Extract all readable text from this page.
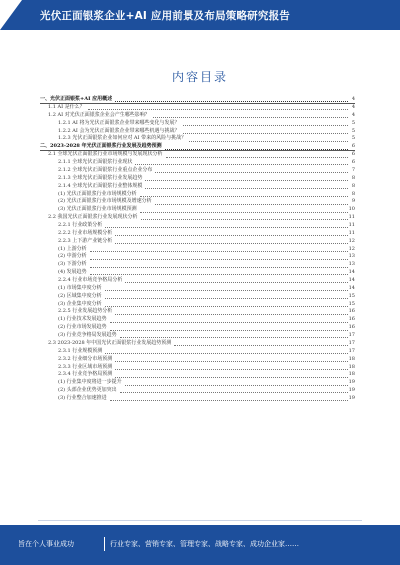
光伏正面银浆企业+AI 应用前景及布局策略研究报告
内容目录
一、光伏正面银浆+AI 应用概述	4
1.1 AI 是什么？	4
1.2 AI 对光伏正面银浆企业会产生哪些影响？	4
1.2.1 AI 将为光伏正面银浆企业带来哪些变化与发展？	5
1.2.2 AI 会为光伏正面银浆企业带来哪些机遇与挑战？	5
1.2.3 光伏正面银浆企业如何应对 AI 带来的风险与挑战？	5
二、2023-2028 年光伏正面银浆行业发展及趋势预测	6
2.1 全球光伏正面银浆行业市场规模与发展现状分析	6
2.1.1 全球光伏正面银浆行业现状	6
2.1.2 全球光伏正面银浆行业重点企业分布	7
2.1.3 全球光伏正面银浆行业发展趋势	8
2.1.4 全球光伏正面银浆行业整体规模	8
(1) 光伏正面银浆行业市场规模分析	8
(2) 光伏正面银浆行业市场规模及增速分析	9
(3) 光伏正面银浆行业市场规模预测	10
2.2 我国光伏正面银浆行业发展现状分析	11
2.2.1 行业政策分析	11
2.2.2 行业市场规模分析	11
2.2.3 上下游产业链分析	12
(1) 上游分析	12
(2) 中游分析	13
(3) 下游分析	13
(4) 发展趋势	14
2.2.4 行业市场竞争格局分析	14
(1) 市场集中度分析	14
(2) 区域集中度分析	15
(3) 企业集中度分析	15
2.2.5 行业发展趋势分析	16
(1) 行业技术发展趋势	16
(2) 行业市场发展趋势	16
(3) 行业竞争格局发展趋势	17
2.3 2023-2028 年中国光伏正面银浆行业发展趋势预测	17
2.3.1 行业规模预测	17
2.3.2 行业细分市场预测	18
2.3.3 行业区域市场预测	18
2.3.4 行业竞争格局预测	18
(1) 行业集中度将进一步提升	19
(2) 头部企业优势更加突出	19
(3) 行业整合加速推进	19
旨在个人事业成功	行业专家、营销专家、管理专家、战略专家、成功企业家……
